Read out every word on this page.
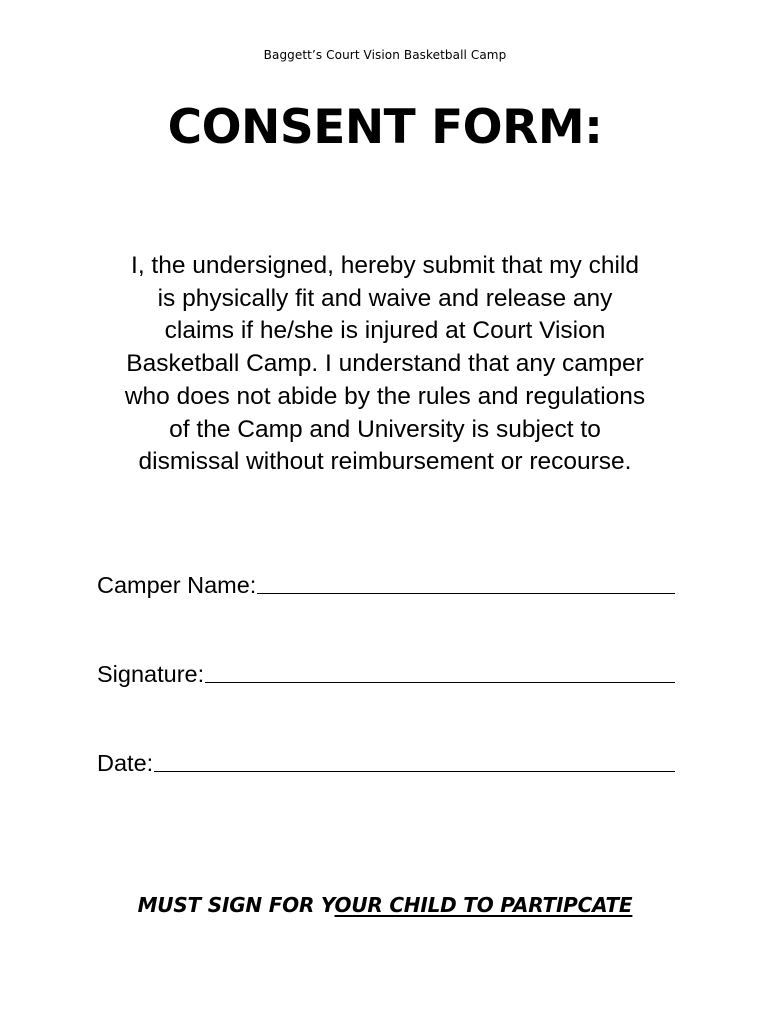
Baggett’s Court Vision Basketball Camp
CONSENT FORM:
I, the undersigned, hereby submit that my child
is physically fit and waive and release any
claims if he/she is injured at Court Vision
Basketball Camp. I understand that any camper
who does not abide by the rules and regulations
of the Camp and University is subject to
dismissal without reimbursement or recourse.
Camper Name:
Signature:
Date:
MUST SIGN FOR YOUR CHILD TO PARTIPCATE
